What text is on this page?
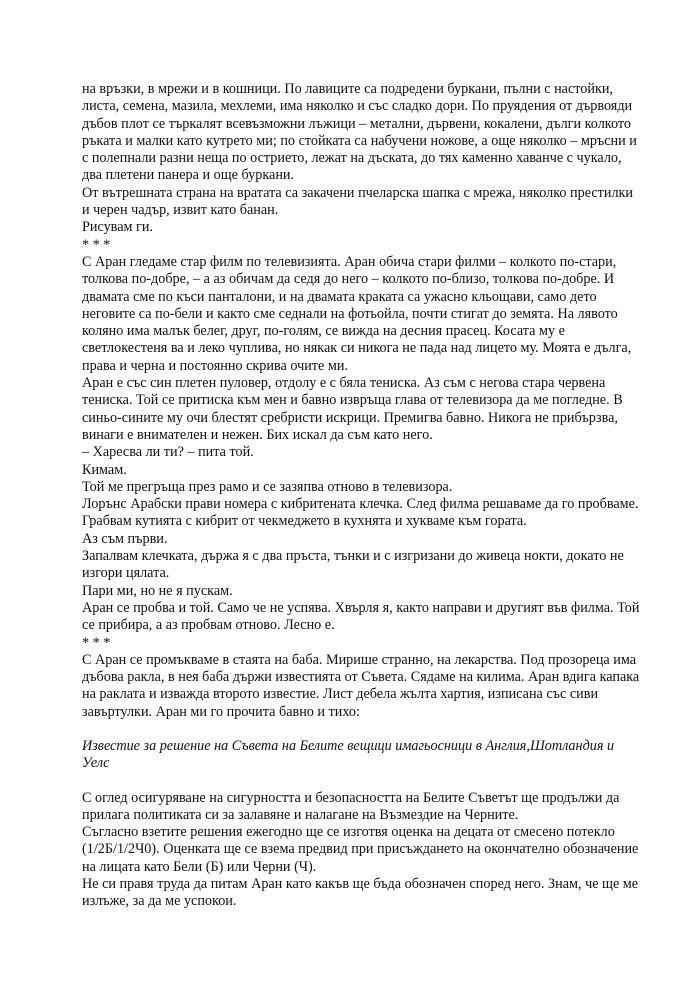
на връзки, в мрежи и в кошници. По лавиците са подредени буркани, пълни с настойки, листа, семена, мазила, мехлеми, има няколко и със сладко дори. По пруядения от дървояди дъбов плот се търкалят всевъзможни лъжици – метални, дървени, кокалени, дълги колкото ръката и малки като кутрето ми; по стойката са набучени ножове, а още няколко – мръсни и с полепнали разни неща по острието, лежат на дъската, до тях каменно хаванче с чукало, два плетени панера и още буркани.

От вътрешната страна на вратата са закачени пчеларска шапка с мрежа, няколко престилки и черен чадър, извит като банан.

Рисувам ги.

* * *

С Аран гледаме стар филм по телевизията. Аран обича стари филми – колкото по-стари, толкова по-добре, – а аз обичам да седя до него – колкото по-близо, толкова по-добре. И двамата сме по къси панталони, и на двамата краката са ужасно кльощави, само дето неговите са по-бели и както сме седнали на фотьойла, почти стигат до земята. На лявото коляно има малък белег, друг, по-голям, се вижда на десния прасец. Косата му е светлокестеня ва и леко чуплива, но някак си никога не пада над лицето му. Моята е дълга, права и черна и постоянно скрива очите ми.

Аран е със син плетен пуловер, отдолу е с бяла тениска. Аз съм с негова стара червена тениска. Той се притиска към мен и бавно извръща глава от телевизора да ме погледне. В синьо-сините му очи блестят сребристи искрици. Премигва бавно. Никога не прибързва, винаги е внимателен и нежен. Бих искал да съм като него.

– Харесва ли ти? – пита той.

Кимам.

Той ме прегръща през рамо и се зазяпва отново в телевизора.

Лорънс Арабски прави номера с кибритената клечка. След филма решаваме да го пробваме. Грабвам кутията с кибрит от чекмеджето в кухнята и хукваме към гората.

Аз съм първи.

Запалвам клечката, държа я с два пръста, тънки и с изгризани до живеца нокти, докато не изгори цялата.

Пари ми, но не я пускам.

Аран се пробва и той. Само че не успява. Хвърля я, както направи и другият във филма. Той се прибира, а аз пробвам отново. Лесно е.

* * *

С Аран се промъкваме в стаята на баба. Мирише странно, на лекарства. Под прозореца има дъбова ракла, в нея баба държи известията от Съвета. Сядаме на килима. Аран вдига капака на раклата и изважда второто известие. Лист дебела жълта хартия, изписана със сиви завъртулки. Аран ми го прочита бавно и тихо:

Известие за решение на Съвета на Белите вещици имагьосници в Англия,Шотландия и Уелс

С оглед осигуряване на сигурността и безопасността на Белите Съветът ще продължи да прилага политиката си за залавяне и налагане на Възмездие на Черните.

Съгласно взетите решения ежегодно ще се изготвя оценка на децата от смесено потекло (1/2Б/1/2Ч0). Оценката ще се взема предвид при присъждането на окончателно обозначение на лицата като Бели (Б) или Черни (Ч).

Не си правя труда да питам Аран като какъв ще бъда обозначен според него. Знам, че ще ме излъже, за да ме успокои.
